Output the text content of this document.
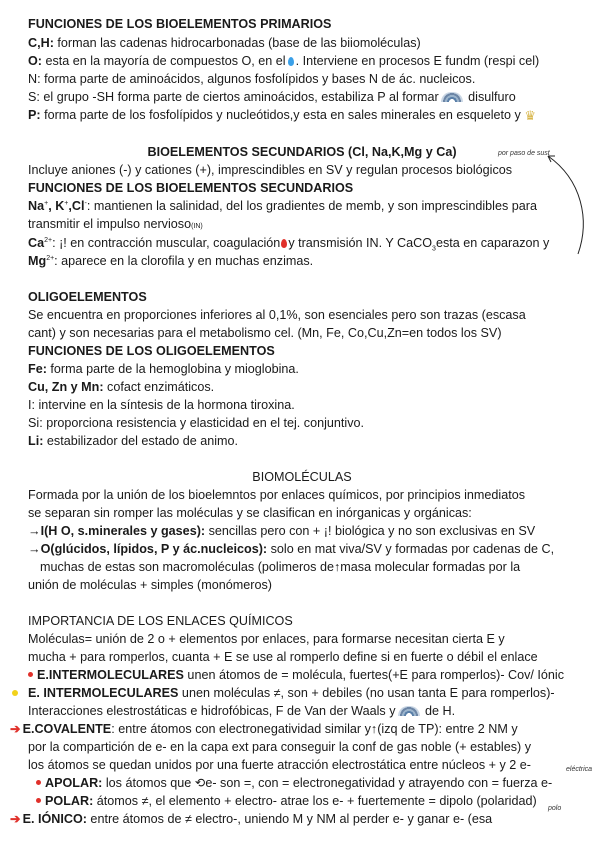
FUNCIONES DE LOS BIOELEMENTOS PRIMARIOS
C,H: forman las cadenas hidrocarbonadas (base de las biiomoléculas)
O: esta en la mayoría de compuestos O, en el . Interviene en procesos E fundm (respi cel)
N: forma parte de aminoácidos, algunos fosfolípidos y bases N de ác. nucleicos.
S: el grupo -SH forma parte de ciertos aminoácidos, estabiliza P al formar disulfuro
P: forma parte de los fosfolípidos y nucleótidos,y esta en sales minerales en esqueleto y ♛
BIOELEMENTOS SECUNDARIOS (Cl, Na,K,Mg y Ca)	por paso de sust
Incluye aniones (-) y cationes (+), imprescindibles en SV y regulan procesos biológicos
FUNCIONES DE LOS BIOELEMENTOS SECUNDARIOS
Na+, K+,Cl-: mantienen la salinidad, del los gradientes de memb, y son imprescindibles para
transmitir el impulso nervioso(IN)
$Ca^{2+}$: ¡! en contracción muscular, coagulación y transmisión IN. Y CaCO$_3$esta en caparazon y
$Mg^{2+}$: aparece en la clorofila y en muchas enzimas.
OLIGOELEMENTOS
Se encuentra en proporciones inferiores al 0,1%, son esenciales pero son trazas (escasa
cant) y son necesarias para el metabolismo cel. (Mn, Fe, Co,Cu,Zn=en todos los SV)
FUNCIONES DE LOS OLIGOELEMENTOS
Fe: forma parte de la hemoglobina y mioglobina.
Cu, Zn y Mn: cofact enzimáticos.
I: intervine en la síntesis de la hormona tiroxina.
Si: proporciona resistencia y elasticidad en el tej. conjuntivo.
Li: estabilizador del estado de animo.
BIOMOLÉCULAS
Formada por la unión de los bioelemntos por enlaces químicos, por principios inmediatos
se separan sin romper las moléculas y se clasifican en inórganicas y orgánicas:
→I(H O, s.minerales y gases): sencillas pero con + ¡! biológica y no son exclusivas en SV
→O(glúcidos, lípidos, P y ác.nucleicos): solo en mat viva/SV y formadas por cadenas de C,
muchas de estas son macromoléculas (polimeros de↑masa molecular formadas por la
unión de moléculas + simples (monómeros)
IMPORTANCIA DE LOS ENLACES QUÍMICOS
Moléculas= unión de 2 o + elementos por enlaces, para formarse necesitan cierta E y
mucha + para romperlos, cuanta + E se use al romperlo define si en fuerte o débil el enlace
E.INTERMOLECULARES unen átomos de = molécula, fuertes(+E para romperlos)- Cov/ Iónic
E. INTERMOLECULARES unen moléculas ≠, son + debiles (no usan tanta E para romperlos)-
Interacciones elestrostáticas e hidrofóbicas, F de Van der Waals y de H.
➔ E.COVALENTE: entre átomos con electronegatividad similar y↑(izq de TP): entre 2 NM y
por la compartición de e- en la capa ext para conseguir la conf de gas noble (+ estables) y
los átomos se quedan unidos por una fuerte atracción electrostática entre núcleos + y 2 e-	eléctrica
APOLAR: los átomos que ⟲e- son =, con = electronegatividad y atrayendo con = fuerza e-
POLAR: átomos ≠, el elemento + electro- atrae los e- + fuertemente = dipolo (polaridad)
polo
➔ E. IÓNICO: entre átomos de ≠ electro-, uniendo M y NM al perder e- y ganar e- (esa
